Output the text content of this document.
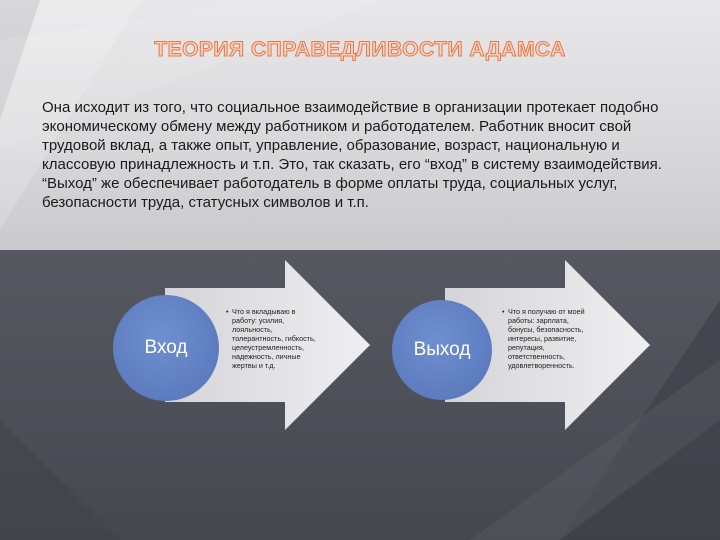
ТЕОРИЯ СПРАВЕДЛИВОСТИ АДАМСА
Она исходит из того, что социальное взаимодействие в организации протекает подобно экономическому обмену между работником и работодателем. Работник вносит свой трудовой вклад, а также опыт, управление, образование, возраст, национальную и классовую принадлежность и т.п. Это, так сказать, его “вход” в систему взаимодействия. “Выход” же обеспечивает работодатель в форме оплаты труда, социальных услуг, безопасности труда, статусных символов и т.п.
Вход	Выход
• Что я вкладываю в работу: усилия, лояльность, толерантность, гибкость, целеустремленность, надежность, личные жертвы и т.д.
• Что я получаю от моей работы: зарплата, бонусы, безопасность, интересы, развитие, репутация, ответственность, удовлетворенность.
